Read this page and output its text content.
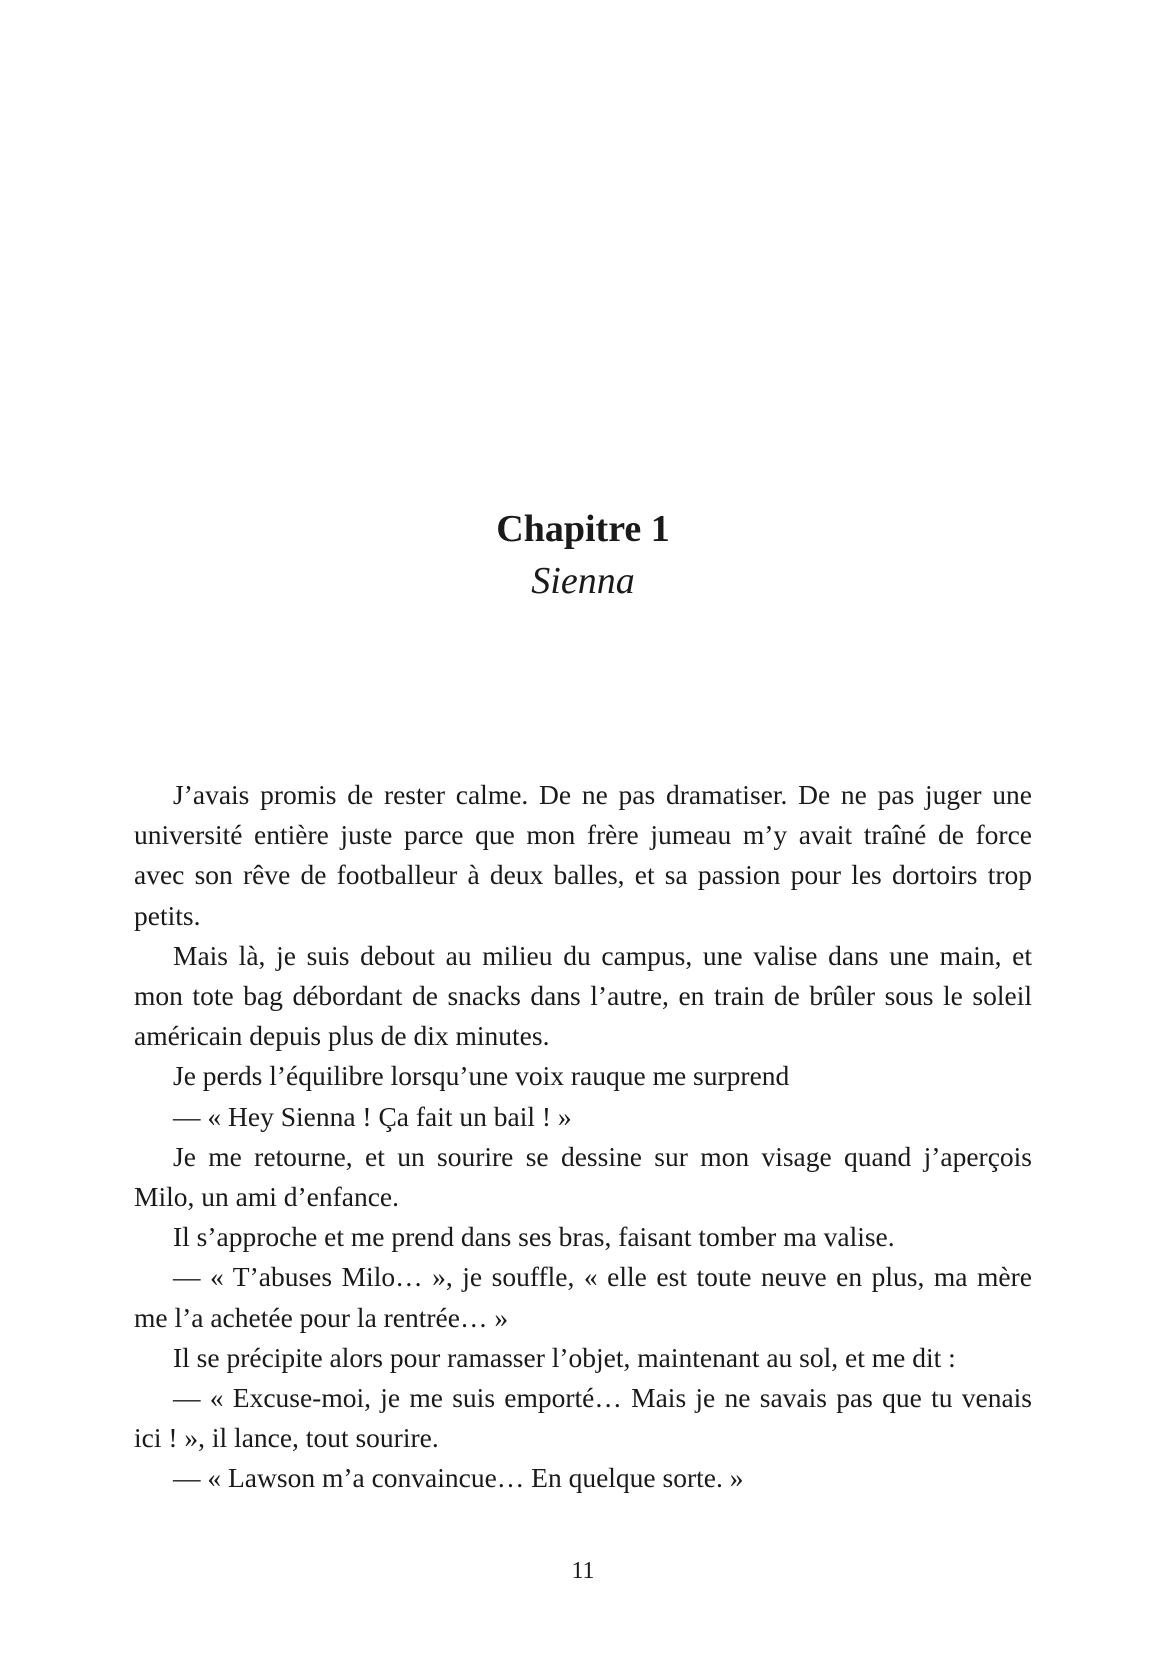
Chapitre 1
Sienna

J’avais promis de rester calme. De ne pas dramatiser. De ne pas juger une université entière juste parce que mon frère jumeau m’y avait traîné de force avec son rêve de footballeur à deux balles, et sa passion pour les dortoirs trop petits.

Mais là, je suis debout au milieu du campus, une valise dans une main, et mon tote bag débordant de snacks dans l’autre, en train de brûler sous le soleil américain depuis plus de dix minutes.

Je perds l’équilibre lorsqu’une voix rauque me surprend

— « Hey Sienna ! Ça fait un bail ! »

Je me retourne, et un sourire se dessine sur mon visage quand j’aperçois Milo, un ami d’enfance.

Il s’approche et me prend dans ses bras, faisant tomber ma valise.

— « T’abuses Milo… », je souffle, « elle est toute neuve en plus, ma mère me l’a achetée pour la rentrée… »

Il se précipite alors pour ramasser l’objet, maintenant au sol, et me dit :

— « Excuse-moi, je me suis emporté… Mais je ne savais pas que tu venais ici ! », il lance, tout sourire.

— « Lawson m’a convaincue… En quelque sorte. »

11
